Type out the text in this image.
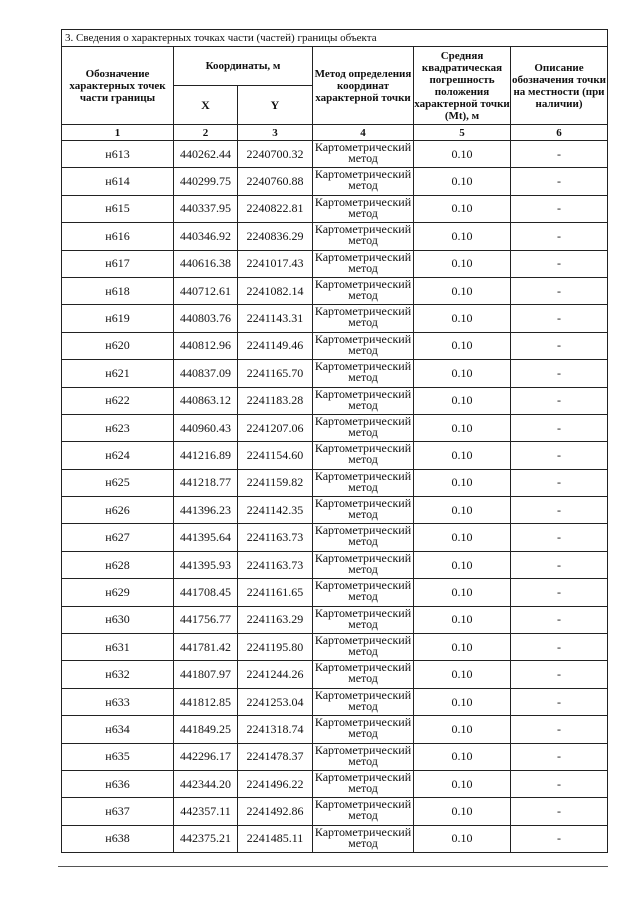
3. Сведения о характерных точках части (частей) границы объекта					
Обозначение характерных точек части границы	Координаты, м		Метод определения координат характерной точки	Средняя квадратическая погрешность положения характерной точки (Mt), м	Описание обозначения точки на местности (при наличии)
	X	Y			
1	2	3	4	5	6
н613	440262.44	2240700.32	Картометрический метод	0.10	-
н614	440299.75	2240760.88	Картометрический метод	0.10	-
н615	440337.95	2240822.81	Картометрический метод	0.10	-
н616	440346.92	2240836.29	Картометрический метод	0.10	-
н617	440616.38	2241017.43	Картометрический метод	0.10	-
н618	440712.61	2241082.14	Картометрический метод	0.10	-
н619	440803.76	2241143.31	Картометрический метод	0.10	-
н620	440812.96	2241149.46	Картометрический метод	0.10	-
н621	440837.09	2241165.70	Картометрический метод	0.10	-
н622	440863.12	2241183.28	Картометрический метод	0.10	-
н623	440960.43	2241207.06	Картометрический метод	0.10	-
н624	441216.89	2241154.60	Картометрический метод	0.10	-
н625	441218.77	2241159.82	Картометрический метод	0.10	-
н626	441396.23	2241142.35	Картометрический метод	0.10	-
н627	441395.64	2241163.73	Картометрический метод	0.10	-
н628	441395.93	2241163.73	Картометрический метод	0.10	-
н629	441708.45	2241161.65	Картометрический метод	0.10	-
н630	441756.77	2241163.29	Картометрический метод	0.10	-
н631	441781.42	2241195.80	Картометрический метод	0.10	-
н632	441807.97	2241244.26	Картометрический метод	0.10	-
н633	441812.85	2241253.04	Картометрический метод	0.10	-
н634	441849.25	2241318.74	Картометрический метод	0.10	-
н635	442296.17	2241478.37	Картометрический метод	0.10	-
н636	442344.20	2241496.22	Картометрический метод	0.10	-
н637	442357.11	2241492.86	Картометрический метод	0.10	-
н638	442375.21	2241485.11	Картометрический метод	0.10	-
